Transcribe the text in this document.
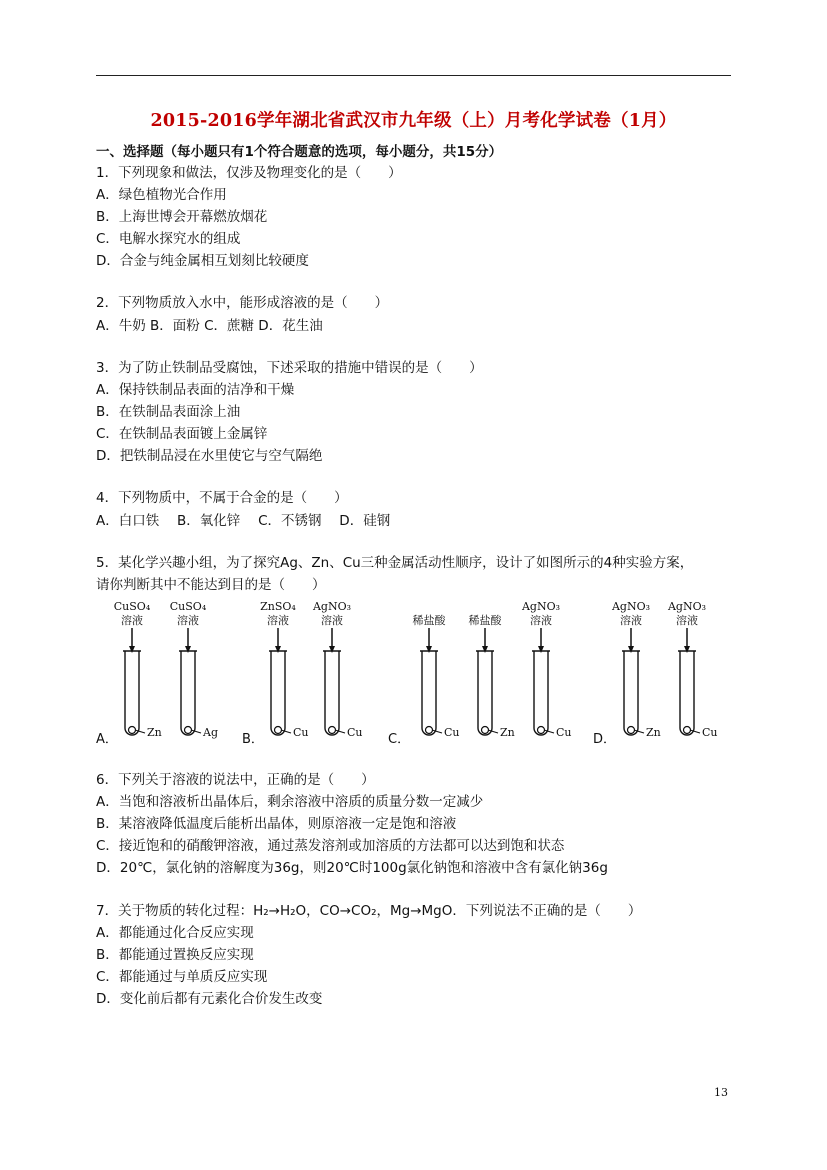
2015-2016学年湖北省武汉市九年级（上）月考化学试卷（1月）
一、选择题（每小题只有1个符合题意的选项，每小题分，共15分）
1．下列现象和做法，仅涉及物理变化的是（　　）
A．绿色植物光合作用
B．上海世博会开幕燃放烟花
C．电解水探究水的组成
D．合金与纯金属相互划刻比较硬度
2．下列物质放入水中，能形成溶液的是（　　）
A．牛奶 B．面粉 C．蔗糖 D．花生油
3．为了防止铁制品受腐蚀，下述采取的措施中错误的是（　　）
A．保持铁制品表面的洁净和干燥
B．在铁制品表面涂上油
C．在铁制品表面镀上金属锌
D．把铁制品浸在水里使它与空气隔绝
4．下列物质中，不属于合金的是（　　）
A．白口铁　 B．氧化锌　 C．不锈钢　 D．硅钢
5．某化学兴趣小组，为了探究Ag、Zn、Cu三种金属活动性顺序，设计了如图所示的4种实验方案，
请你判断其中不能达到目的是（　　）
A．
CuSO₄
溶液
Zn
CuSO₄
溶液
Ag B．
ZnSO₄
溶液
Cu
AgNO₃
溶液
Cu C．
稀盐酸
Cu
稀盐酸
Zn
AgNO₃
溶液
Cu D．
AgNO₃
溶液
Zn
AgNO₃
溶液
Cu
6．下列关于溶液的说法中，正确的是（　　）
A．当饱和溶液析出晶体后，剩余溶液中溶质的质量分数一定减少
B．某溶液降低温度后能析出晶体，则原溶液一定是饱和溶液
C．接近饱和的硝酸钾溶液，通过蒸发溶剂或加溶质的方法都可以达到饱和状态
D．20℃，氯化钠的溶解度为36g，则20℃时100g氯化钠饱和溶液中含有氯化钠36g
7．关于物质的转化过程：H₂→H₂O，CO→CO₂，Mg→MgO．下列说法不正确的是（　　）
A．都能通过化合反应实现
B．都能通过置换反应实现
C．都能通过与单质反应实现
D．变化前后都有元素化合价发生改变
13
